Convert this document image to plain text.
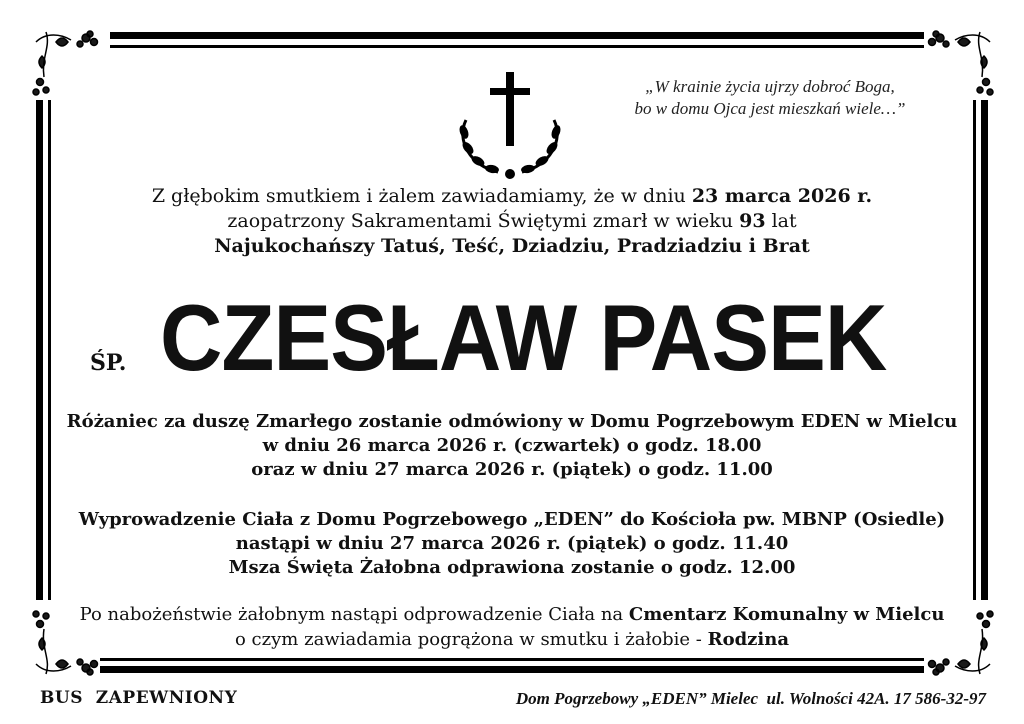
„W krainie życia ujrzy dobroć Boga,
bo w domu Ojca jest mieszkań wiele…”
Z głębokim smutkiem i żalem zawiadamiamy, że w dniu 23 marca 2026 r.
zaopatrzony Sakramentami Świętymi zmarł w wieku 93 lat
Najukochańszy Tatuś, Teść, Dziadziu, Pradziadziu i Brat
ŚP. CZESŁAW PASEK
Różaniec za duszę Zmarłego zostanie odmówiony w Domu Pogrzebowym EDEN w Mielcu
w dniu 26 marca 2026 r. (czwartek) o godz. 18.00
oraz w dniu 27 marca 2026 r. (piątek) o godz. 11.00
Wyprowadzenie Ciała z Domu Pogrzebowego „EDEN” do Kościoła pw. MBNP (Osiedle)
nastąpi w dniu 27 marca 2026 r. (piątek) o godz. 11.40
Msza Święta Żałobna odprawiona zostanie o godz. 12.00
Po nabożeństwie żałobnym nastąpi odprowadzenie Ciała na Cmentarz Komunalny w Mielcu
o czym zawiadamia pogrążona w smutku i żałobie - Rodzina
BUS  ZAPEWNIONY	Dom Pogrzebowy „EDEN” Mielec  ul. Wolności 42A. 17 586-32-97
